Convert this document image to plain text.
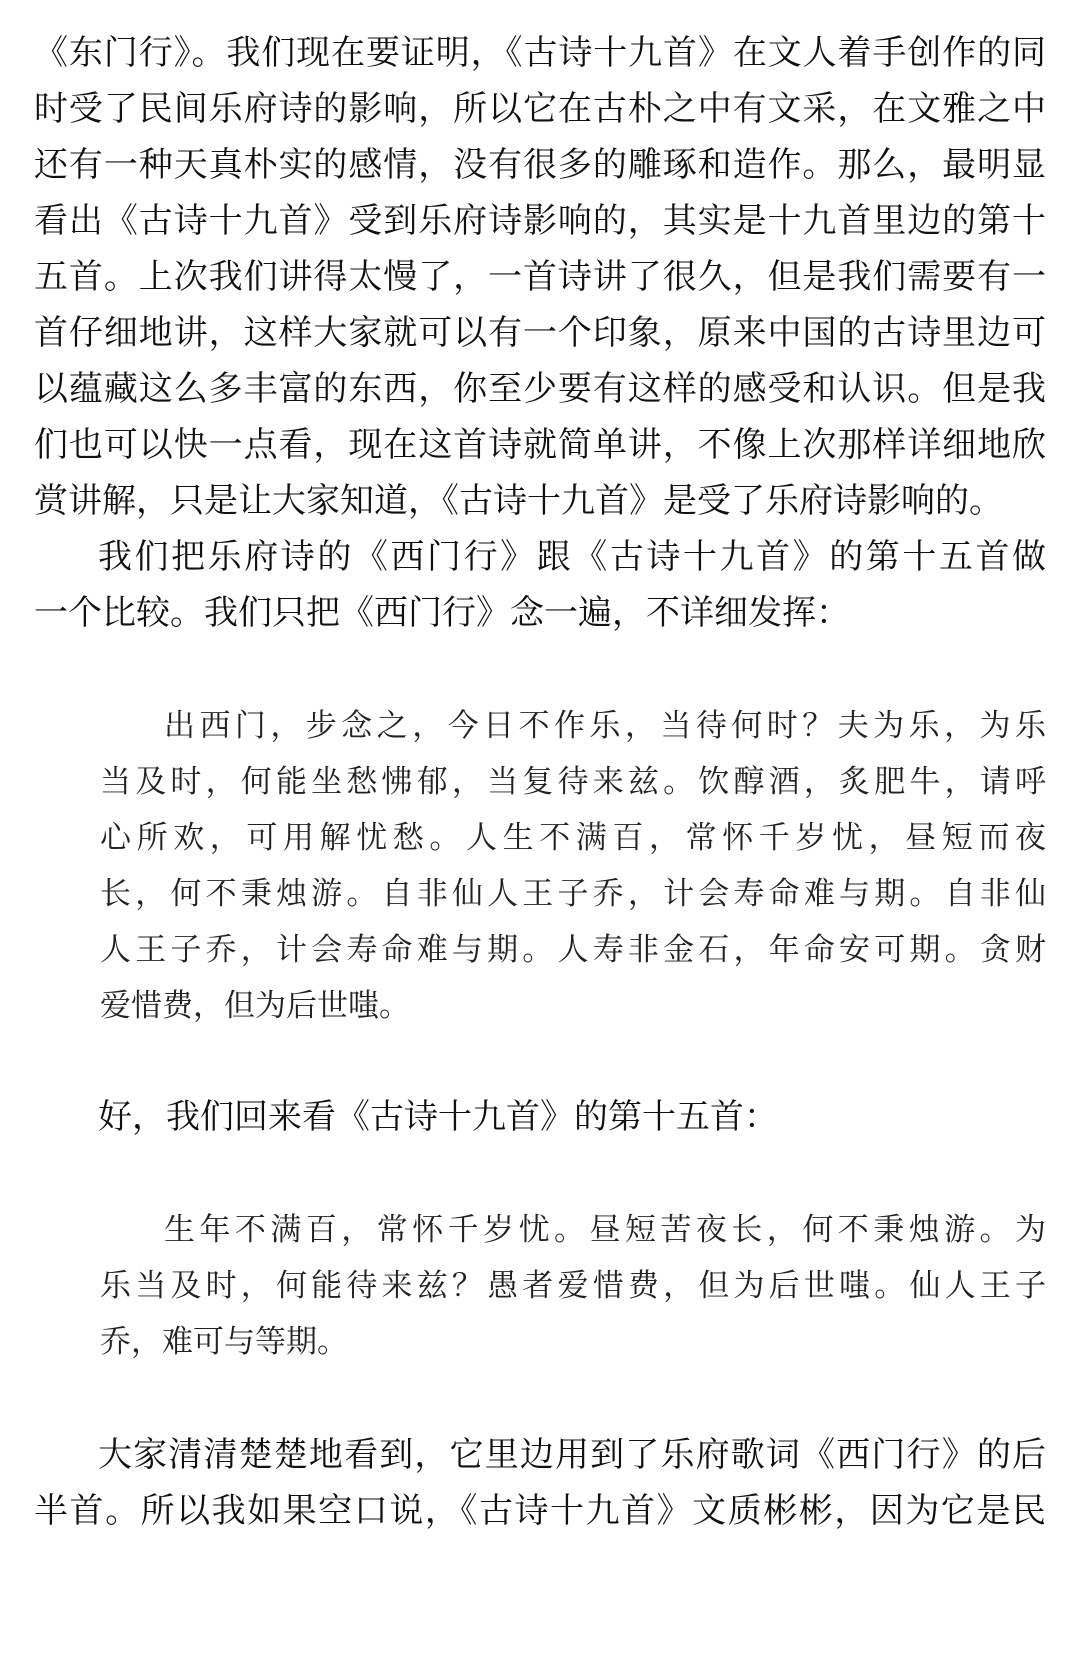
《东门行》。我们现在要证明，《古诗十九首》在文人着手创作的同
时受了民间乐府诗的影响，所以它在古朴之中有文采，在文雅之中
还有一种天真朴实的感情，没有很多的雕琢和造作。那么，最明显
看出《古诗十九首》受到乐府诗影响的，其实是十九首里边的第十
五首。上次我们讲得太慢了，一首诗讲了很久，但是我们需要有一
首仔细地讲，这样大家就可以有一个印象，原来中国的古诗里边可
以蕴藏这么多丰富的东西，你至少要有这样的感受和认识。但是我
们也可以快一点看，现在这首诗就简单讲，不像上次那样详细地欣
赏讲解，只是让大家知道，《古诗十九首》是受了乐府诗影响的。
我们把乐府诗的《西门行》跟《古诗十九首》的第十五首做
一个比较。我们只把《西门行》念一遍，不详细发挥：
出西门，步念之，今日不作乐，当待何时？夫为乐，为乐
当及时，何能坐愁怫郁，当复待来兹。饮醇酒，炙肥牛，请呼
心所欢，可用解忧愁。人生不满百，常怀千岁忧，昼短而夜
长，何不秉烛游。自非仙人王子乔，计会寿命难与期。自非仙
人王子乔，计会寿命难与期。人寿非金石，年命安可期。贪财
爱惜费，但为后世嗤。
好，我们回来看《古诗十九首》的第十五首：
生年不满百，常怀千岁忧。昼短苦夜长，何不秉烛游。为
乐当及时，何能待来兹？愚者爱惜费，但为后世嗤。仙人王子
乔，难可与等期。
大家清清楚楚地看到，它里边用到了乐府歌词《西门行》的后
半首。所以我如果空口说，《古诗十九首》文质彬彬，因为它是民
